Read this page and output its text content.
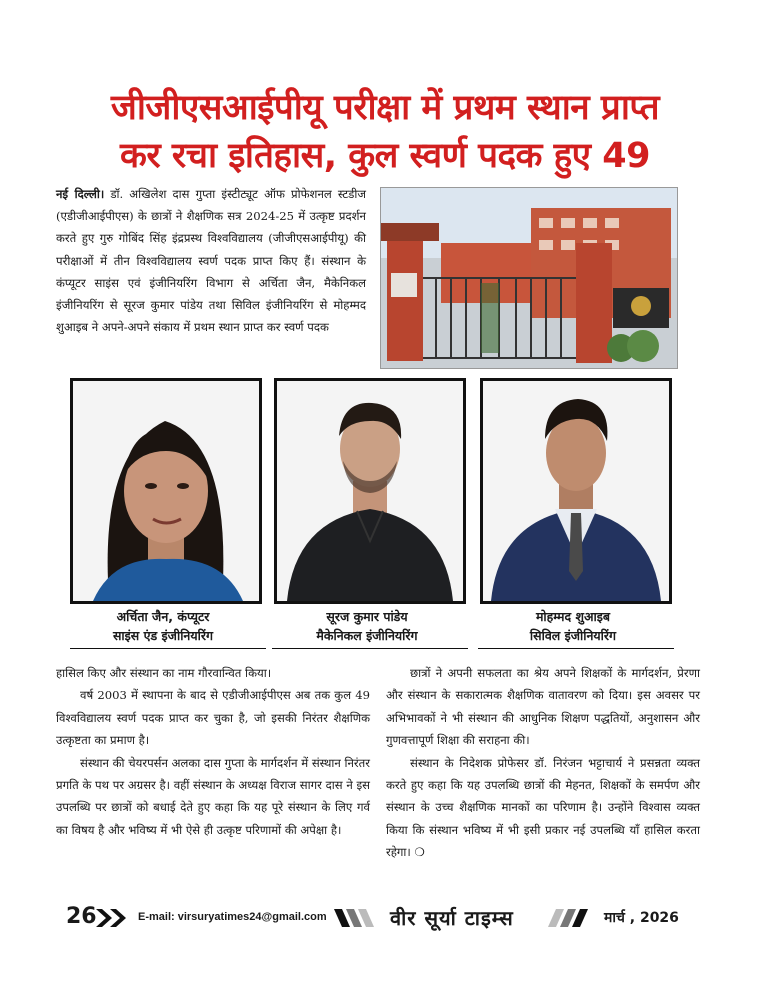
जीजीएसआईपीयू परीक्षा में प्रथम स्थान प्राप्त
कर रचा इतिहास, कुल स्वर्ण पदक हुए 49
नई दिल्ली। डॉ. अखिलेश दास गुप्ता इंस्टीट्यूट ऑफ प्रोफेशनल स्टडीज (एडीजीआईपीएस) के छात्रों ने शैक्षणिक सत्र 2024-25 में उत्कृष्ट प्रदर्शन करते हुए गुरु गोबिंद सिंह इंद्रप्रस्थ विश्वविद्यालय (जीजीएसआईपीयू) की परीक्षाओं में तीन विश्वविद्यालय स्वर्ण पदक प्राप्त किए हैं। संस्थान के कंप्यूटर साइंस एवं इंजीनियरिंग विभाग से अर्चिता जैन, मैकेनिकल इंजीनियरिंग से सूरज कुमार पांडेय तथा सिविल इंजीनियरिंग से मोहम्मद शुआइब ने अपने-अपने संकाय में प्रथम स्थान प्राप्त कर स्वर्ण पदक
अर्चिता जैन, कंप्यूटर
साइंस एंड इंजीनियरिंग
सूरज कुमार पांडेय
मैकेनिकल इंजीनियरिंग
मोहम्मद शुआइब
सिविल इंजीनियरिंग

हासिल किए और संस्थान का नाम गौरवान्वित किया।

वर्ष 2003 में स्थापना के बाद से एडीजीआईपीएस अब तक कुल 49 विश्वविद्यालय स्वर्ण पदक प्राप्त कर चुका है, जो इसकी निरंतर शैक्षणिक उत्कृष्टता का प्रमाण है।

संस्थान की चेयरपर्सन अलका दास गुप्ता के मार्गदर्शन में संस्थान निरंतर प्रगति के पथ पर अग्रसर है। वहीं संस्थान के अध्यक्ष विराज सागर दास ने इस उपलब्धि पर छात्रों को बधाई देते हुए कहा कि यह पूरे संस्थान के लिए गर्व का विषय है और भविष्य में भी ऐसे ही उत्कृष्ट परिणामों की अपेक्षा है।

छात्रों ने अपनी सफलता का श्रेय अपने शिक्षकों के मार्गदर्शन, प्रेरणा और संस्थान के सकारात्मक शैक्षणिक वातावरण को दिया। इस अवसर पर अभिभावकों ने भी संस्थान की आधुनिक शिक्षण पद्धतियों, अनुशासन और गुणवत्तापूर्ण शिक्षा की सराहना की।

संस्थान के निदेशक प्रोफेसर डॉ. निरंजन भट्टाचार्य ने प्रसन्नता व्यक्त करते हुए कहा कि यह उपलब्धि छात्रों की मेहनत, शिक्षकों के समर्पण और संस्थान के उच्च शैक्षणिक मानकों का परिणाम है। उन्होंने विश्वास व्यक्त किया कि संस्थान भविष्य में भी इसी प्रकार नई उपलब्धि याँ हासिल करता रहेगा। ❍

26	E-mail: virsuryatimes24@gmail.com	वीर सूर्या टाइम्स	मार्च , 2026
